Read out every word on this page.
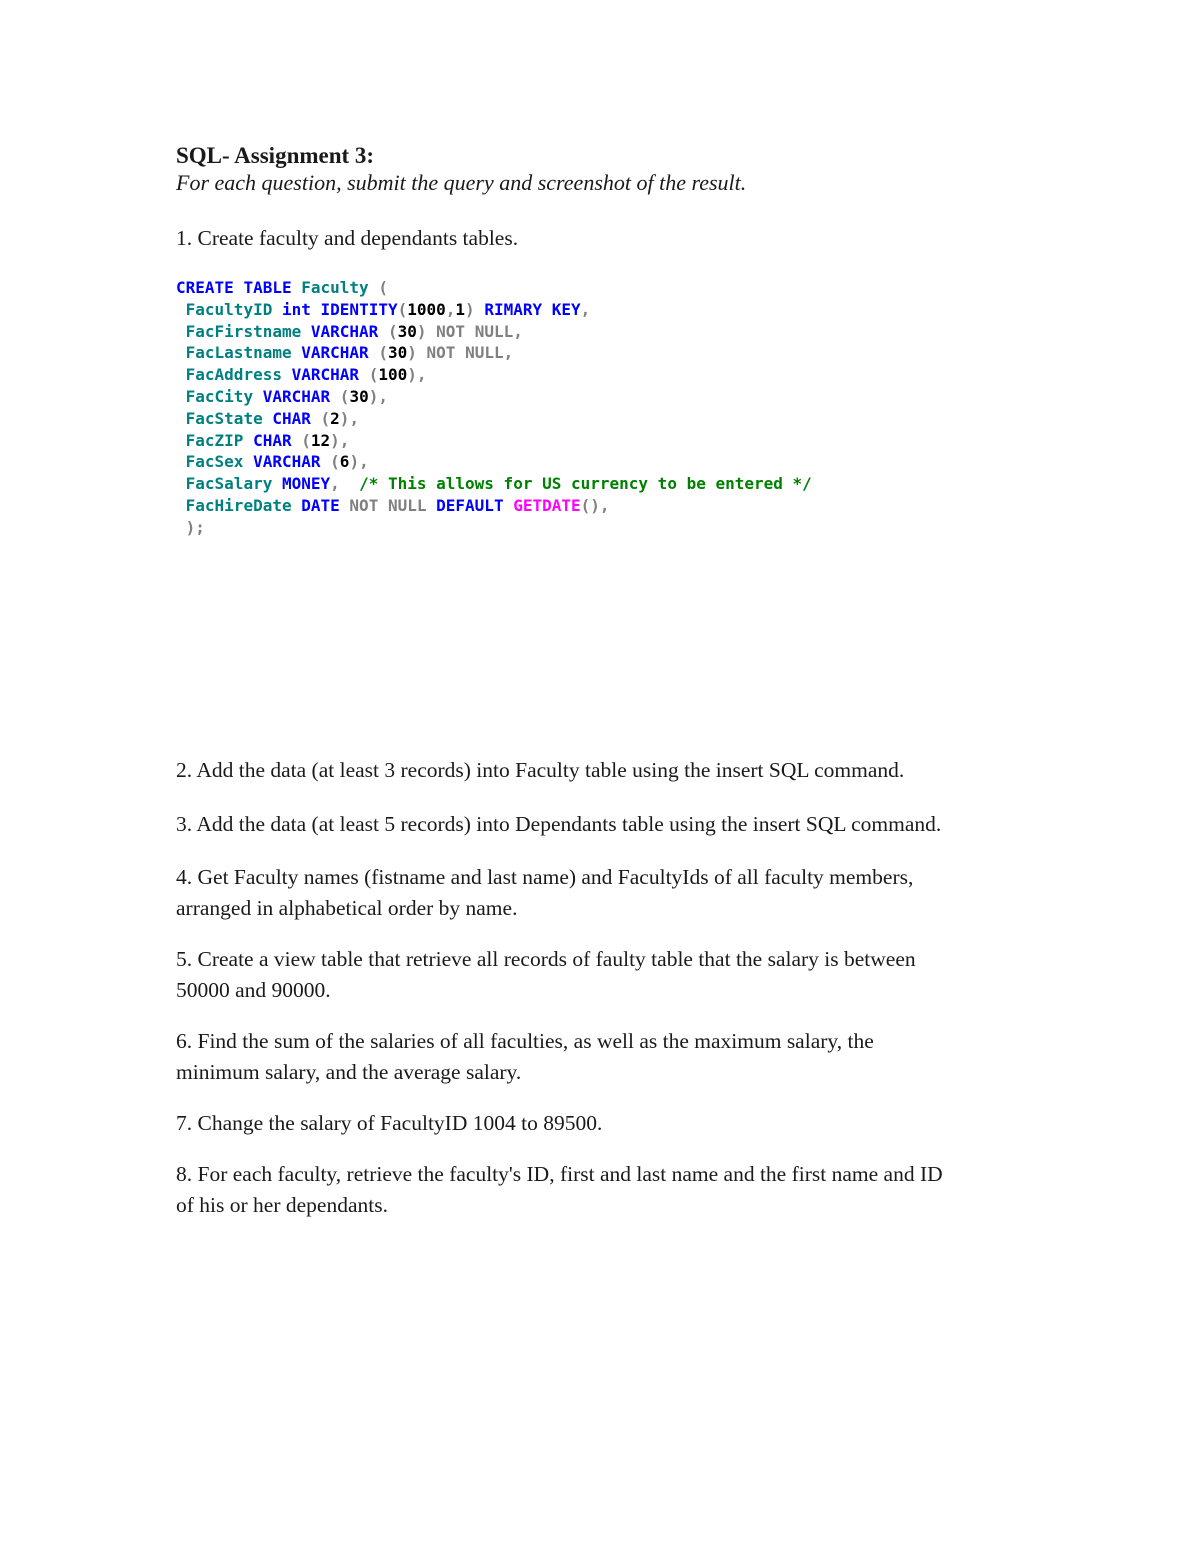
SQL- Assignment 3:
For each question, submit the query and screenshot of the result.
1. Create faculty and dependants tables.
CREATE TABLE Faculty (
FacultyID int IDENTITY(1000,1) RIMARY KEY,
FacFirstname VARCHAR (30) NOT NULL,
FacLastname VARCHAR (30) NOT NULL,
FacAddress VARCHAR (100),
FacCity VARCHAR (30),
FacState CHAR (2),
FacZIP CHAR (12),
FacSex VARCHAR (6),
FacSalary MONEY, /* This allows for US currency to be entered */
FacHireDate DATE NOT NULL DEFAULT GETDATE(),
);
2. Add the data (at least 3 records) into Faculty table using the insert SQL command.
3. Add the data (at least 5 records) into Dependants table using the insert SQL command.
4. Get Faculty names (fistname and last name) and FacultyIds of all faculty members,
arranged in alphabetical order by name.
5. Create a view table that retrieve all records of faulty table that the salary is between
50000 and 90000.
6. Find the sum of the salaries of all faculties, as well as the maximum salary, the
minimum salary, and the average salary.
7. Change the salary of FacultyID 1004 to 89500.
8. For each faculty, retrieve the faculty's ID, first and last name and the first name and ID
of his or her dependants.
